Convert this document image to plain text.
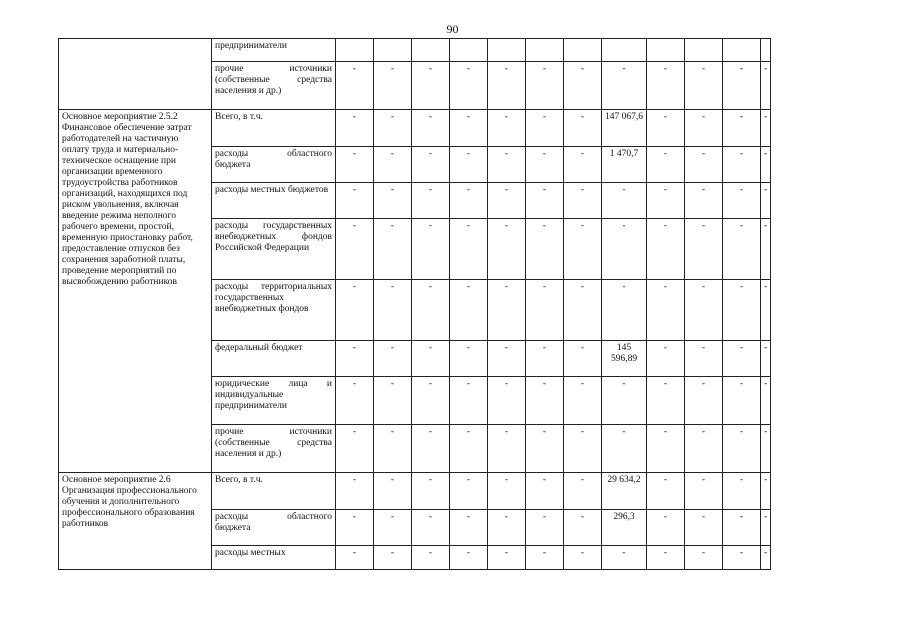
90
	предприниматели												
	прочие источники (собственные средства населения и др.)	-	-	-	-	-	-	-	-	-	-	-	-
Основное мероприятие 2.5.2 Финансовое обеспечение затрат работодателей на частичную оплату труда и материально-техническое оснащение при организации временного трудоустройства работников организаций, находящихся под риском увольнения, включая введение режима неполного рабочего времени, простой, временную приостановку работ, предоставление отпусков без сохранения заработной платы, проведение мероприятий по высвобождению работников	Всего, в т.ч.	-	-	-	-	-	-	-	147 067,6	-	-	-	-
	расходы областного бюджета	-	-	-	-	-	-	-	1 470,7	-	-	-	-
	расходы местных бюджетов	-	-	-	-	-	-	-	-	-	-	-	-
	расходы государственных внебюджетных фондов Российской Федерации	-	-	-	-	-	-	-	-	-	-	-	-
	расходы территориальных государственных внебюджетных фондов	-	-	-	-	-	-	-	-	-	-	-	-
	федеральный бюджет	-	-	-	-	-	-	-	145 596,89	-	-	-	-
	юридические лица и индивидуальные предприниматели	-	-	-	-	-	-	-	-	-	-	-	-
	прочие источники (собственные средства населения и др.)	-	-	-	-	-	-	-	-	-	-	-	-
Основное мероприятие 2.6 Организация профессионального обучения и дополнительного профессионального образования работников	Всего, в т.ч.	-	-	-	-	-	-	-	29 634,2	-	-	-	-
	расходы областного бюджета	-	-	-	-	-	-	-	296,3	-	-	-	-
	расходы местных	-	-	-	-	-	-	-	-	-	-	-	-
